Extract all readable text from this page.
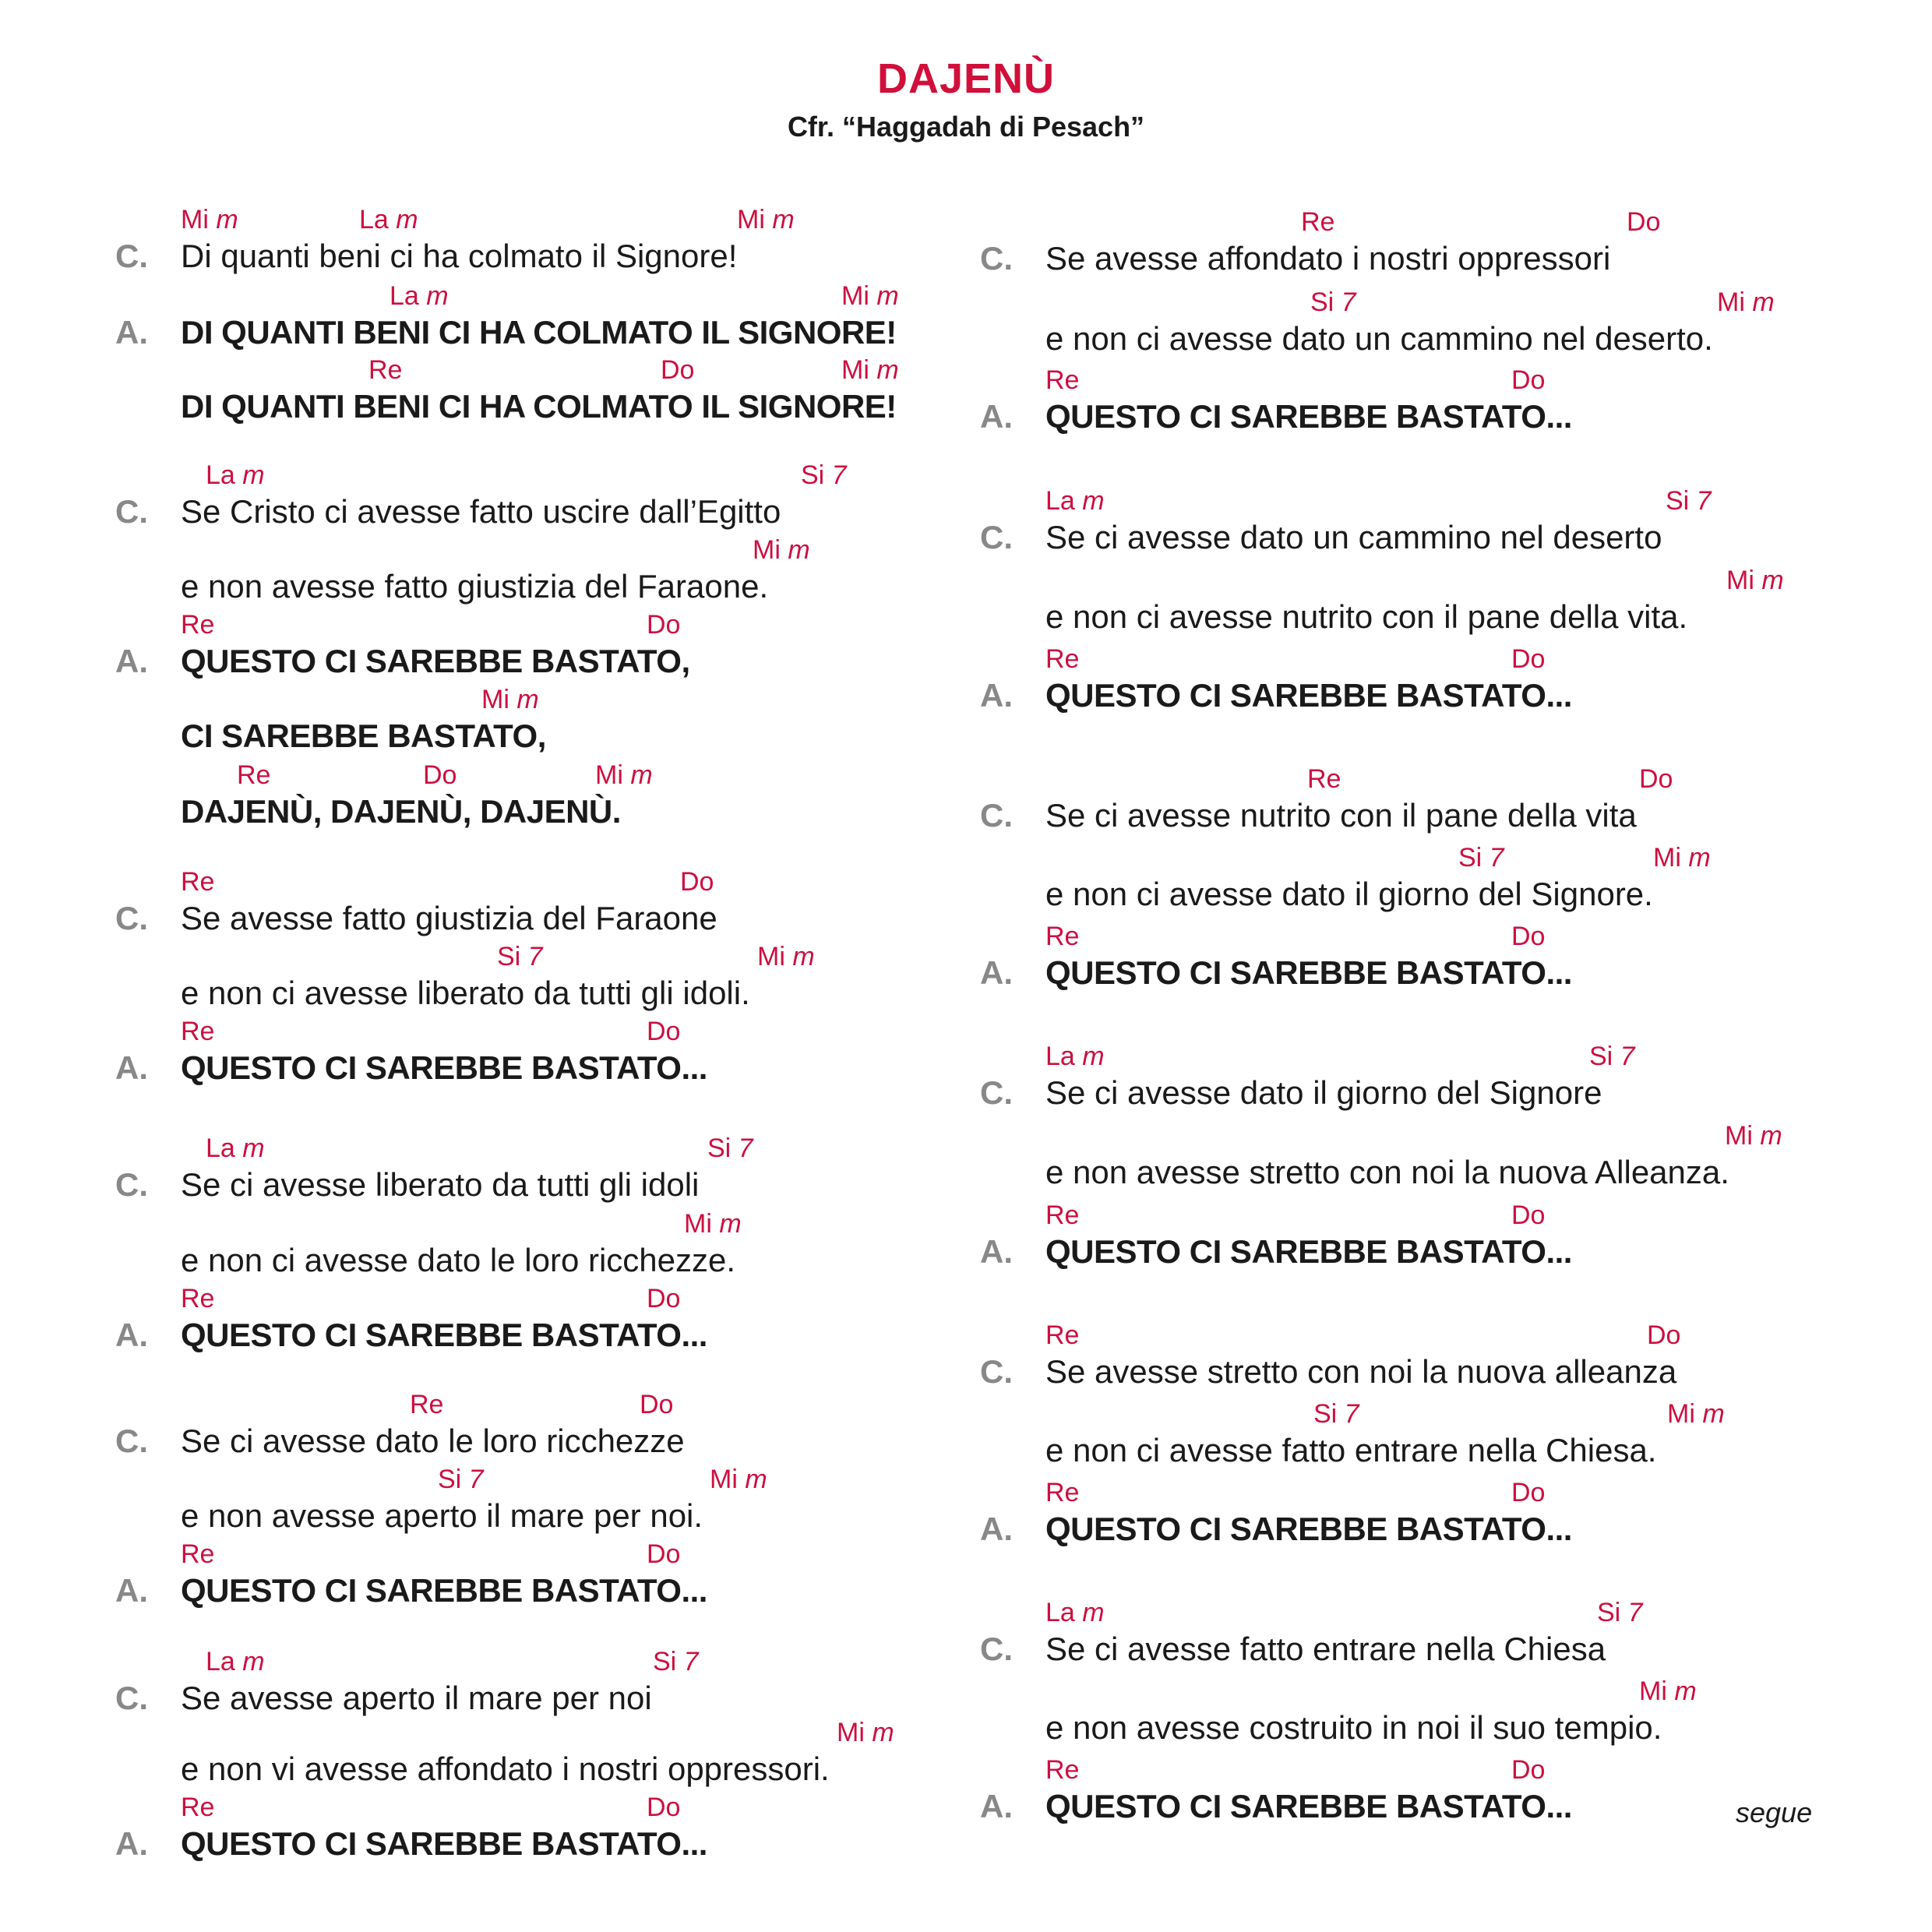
DAJENÙ
Cfr. “Haggadah di Pesach”
Mi m	La m	Mi m
C. Di quanti beni ci ha colmato il Signore!
La m	Mi m
A. DI QUANTI BENI CI HA COLMATO IL SIGNORE!
Re	Do	Mi m
DI QUANTI BENI CI HA COLMATO IL SIGNORE!
La m	Si 7
C. Se Cristo ci avesse fatto uscire dall’Egitto
Mi m
e non avesse fatto giustizia del Faraone.
Re	Do
A. QUESTO CI SAREBBE BASTATO,
Mi m
CI SAREBBE BASTATO,
Re	Do	Mi m
DAJENÙ, DAJENÙ, DAJENÙ.
Re	Do
C. Se avesse fatto giustizia del Faraone
Si 7	Mi m
e non ci avesse liberato da tutti gli idoli.
Re	Do
A. QUESTO CI SAREBBE BASTATO...
La m	Si 7
C. Se ci avesse liberato da tutti gli idoli
Mi m
e non ci avesse dato le loro ricchezze.
Re	Do
A. QUESTO CI SAREBBE BASTATO...
Re	Do
C. Se ci avesse dato le loro ricchezze
Si 7	Mi m
e non avesse aperto il mare per noi.
Re	Do
A. QUESTO CI SAREBBE BASTATO...
La m	Si 7
C. Se avesse aperto il mare per noi
Mi m
e non vi avesse affondato i nostri oppressori.
Re	Do
A. QUESTO CI SAREBBE BASTATO...
Re	Do
C. Se avesse affondato i nostri oppressori
Si 7	Mi m
e non ci avesse dato un cammino nel deserto.
Re	Do
A. QUESTO CI SAREBBE BASTATO...
La m	Si 7
C. Se ci avesse dato un cammino nel deserto
Mi m
e non ci avesse nutrito con il pane della vita.
Re	Do
A. QUESTO CI SAREBBE BASTATO...
Re	Do
C. Se ci avesse nutrito con il pane della vita
Si 7	Mi m
e non ci avesse dato il giorno del Signore.
Re	Do
A. QUESTO CI SAREBBE BASTATO...
La m	Si 7
C. Se ci avesse dato il giorno del Signore
Mi m
e non avesse stretto con noi la nuova Alleanza.
Re	Do
A. QUESTO CI SAREBBE BASTATO...
Re	Do
C. Se avesse stretto con noi la nuova alleanza
Si 7	Mi m
e non ci avesse fatto entrare nella Chiesa.
Re	Do
A. QUESTO CI SAREBBE BASTATO...
La m	Si 7
C. Se ci avesse fatto entrare nella Chiesa
Mi m
e non avesse costruito in noi il suo tempio.
Re	Do
A. QUESTO CI SAREBBE BASTATO...	segue
